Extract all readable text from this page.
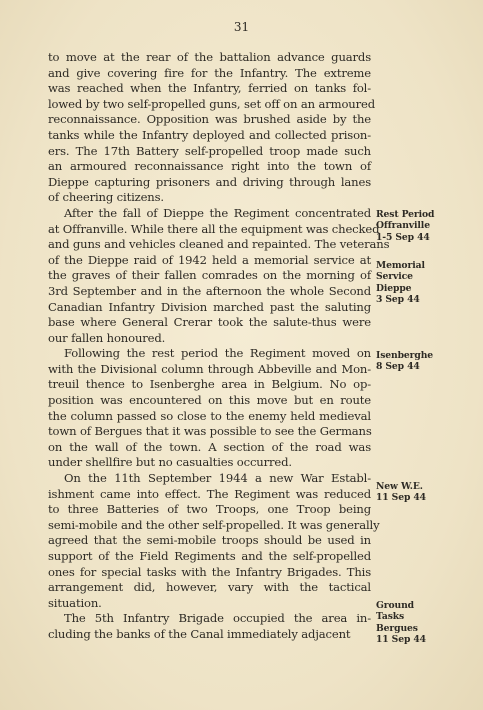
31
to move at the rear of the battalion advance guards
and give covering fire for the Infantry. The extreme
was reached when the Infantry, ferried on tanks fol-
lowed by two self-propelled guns, set off on an armoured
reconnaissance. Opposition was brushed aside by the
tanks while the Infantry deployed and collected prison-
ers. The 17th Battery self-propelled troop made such
an armoured reconnaissance right into the town of
Dieppe capturing prisoners and driving through lanes
of cheering citizens.
After the fall of Dieppe the Regiment concentrated
at Offranville. While there all the equipment was checked
and guns and vehicles cleaned and repainted. The veterans
of the Dieppe raid of 1942 held a memorial service at
the graves of their fallen comrades on the morning of
3rd September and in the afternoon the whole Second
Canadian Infantry Division marched past the saluting
base where General Crerar took the salute-thus were
our fallen honoured.
Following the rest period the Regiment moved on
with the Divisional column through Abbeville and Mon-
treuil thence to Isenberghe area in Belgium. No op-
position was encountered on this move but en route
the column passed so close to the enemy held medieval
town of Bergues that it was possible to see the Germans
on the wall of the town. A section of the road was
under shellfire but no casualties occurred.
On the 11th September 1944 a new War Establ-
ishment came into effect. The Regiment was reduced
to three Batteries of two Troops, one Troop being
semi-mobile and the other self-propelled. It was generally
agreed that the semi-mobile troops should be used in
support of the Field Regiments and the self-propelled
ones for special tasks with the Infantry Brigades. This
arrangement did, however, vary with the tactical
situation.
The 5th Infantry Brigade occupied the area in-
cluding the banks of the Canal immediately adjacent
Rest Period
Offranville
1-5 Sep 44
Memorial
Service
Dieppe
3 Sep 44
Isenberghe
8 Sep 44
New W.E.
11 Sep 44
Ground
Tasks
Bergues
11 Sep 44
